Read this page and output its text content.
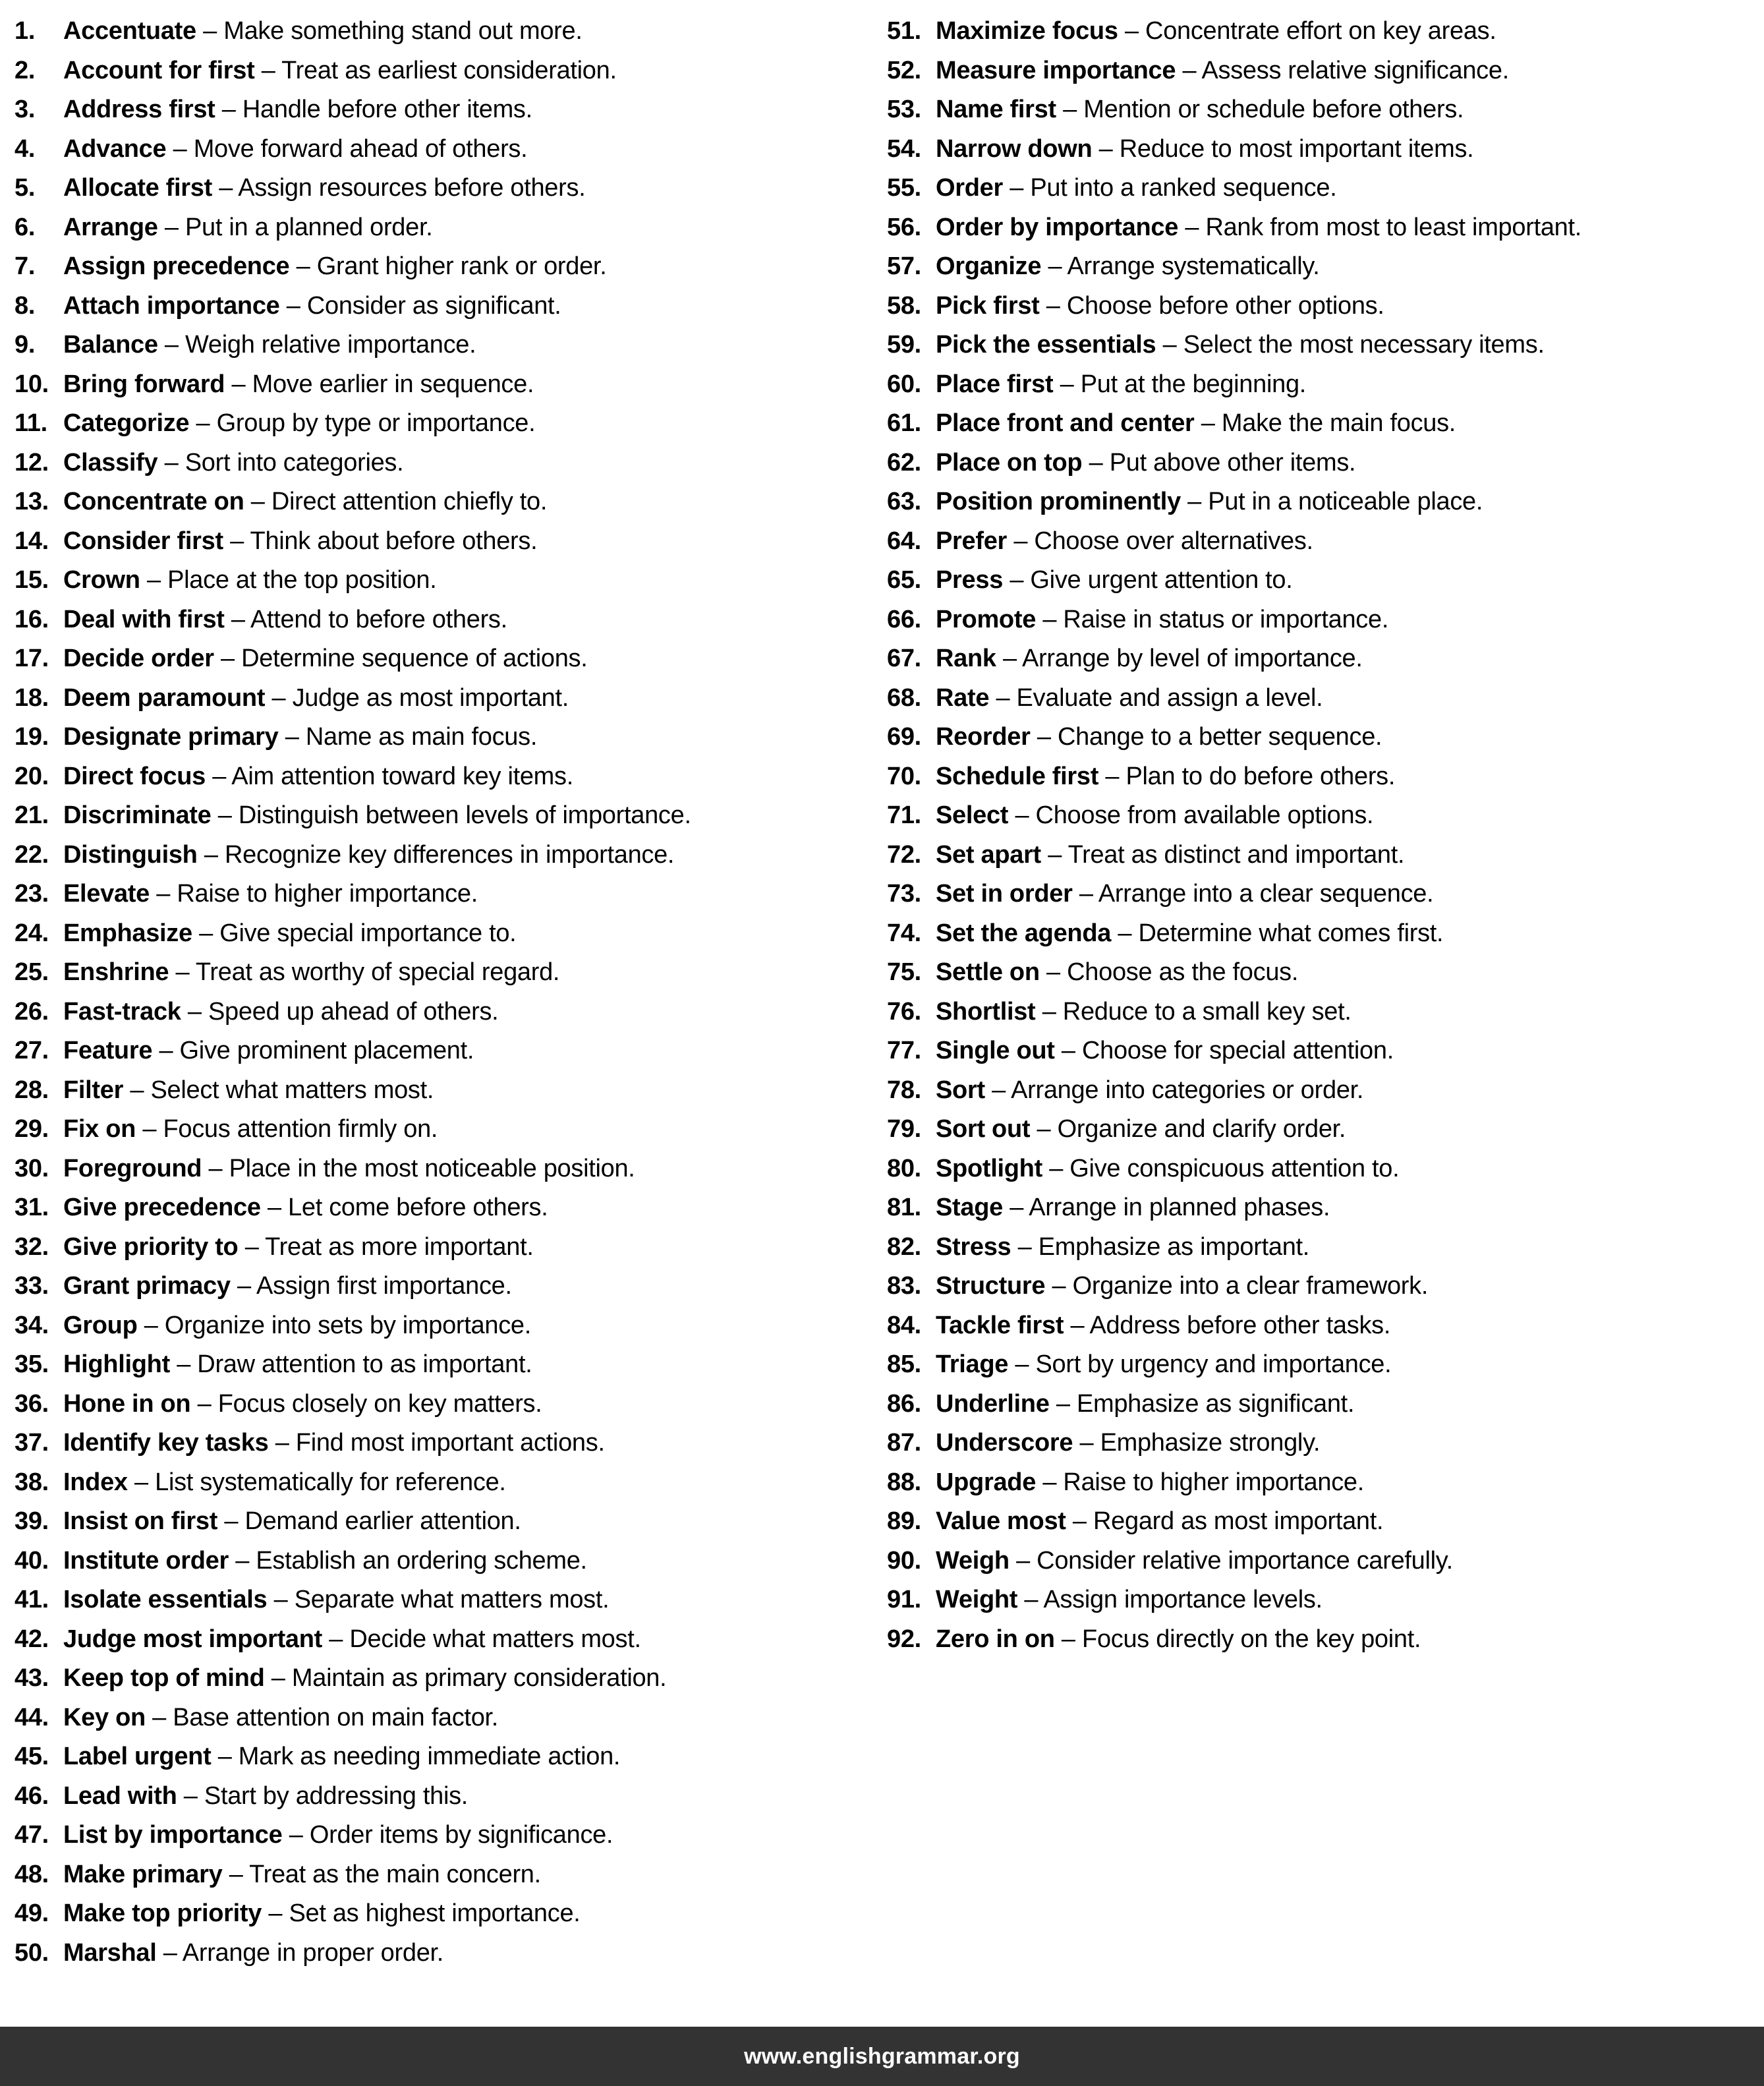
1.	Accentuate – Make something stand out more.
2.	Account for first – Treat as earliest consideration.
3.	Address first – Handle before other items.
4.	Advance – Move forward ahead of others.
5.	Allocate first – Assign resources before others.
6.	Arrange – Put in a planned order.
7.	Assign precedence – Grant higher rank or order.
8.	Attach importance – Consider as significant.
9.	Balance – Weigh relative importance.
10. Bring forward – Move earlier in sequence.
11. Categorize – Group by type or importance.
12. Classify – Sort into categories.
13. Concentrate on – Direct attention chiefly to.
14. Consider first – Think about before others.
15. Crown – Place at the top position.
16. Deal with first – Attend to before others.
17. Decide order – Determine sequence of actions.
18. Deem paramount – Judge as most important.
19. Designate primary – Name as main focus.
20. Direct focus – Aim attention toward key items.
21. Discriminate – Distinguish between levels of importance.
22. Distinguish – Recognize key differences in importance.
23. Elevate – Raise to higher importance.
24. Emphasize – Give special importance to.
25. Enshrine – Treat as worthy of special regard.
26. Fast-track – Speed up ahead of others.
27. Feature – Give prominent placement.
28. Filter – Select what matters most.
29. Fix on – Focus attention firmly on.
30. Foreground – Place in the most noticeable position.
31. Give precedence – Let come before others.
32. Give priority to – Treat as more important.
33. Grant primacy – Assign first importance.
34. Group – Organize into sets by importance.
35. Highlight – Draw attention to as important.
36. Hone in on – Focus closely on key matters.
37. Identify key tasks – Find most important actions.
38. Index – List systematically for reference.
39. Insist on first – Demand earlier attention.
40. Institute order – Establish an ordering scheme.
41. Isolate essentials – Separate what matters most.
42. Judge most important – Decide what matters most.
43. Keep top of mind – Maintain as primary consideration.
44. Key on – Base attention on main factor.
45. Label urgent – Mark as needing immediate action.
46. Lead with – Start by addressing this.
47. List by importance – Order items by significance.
48. Make primary – Treat as the main concern.
49. Make top priority – Set as highest importance.
50. Marshal – Arrange in proper order.
51. Maximize focus – Concentrate effort on key areas.
52. Measure importance – Assess relative significance.
53. Name first – Mention or schedule before others.
54. Narrow down – Reduce to most important items.
55. Order – Put into a ranked sequence.
56. Order by importance – Rank from most to least important.
57. Organize – Arrange systematically.
58. Pick first – Choose before other options.
59. Pick the essentials – Select the most necessary items.
60. Place first – Put at the beginning.
61. Place front and center – Make the main focus.
62. Place on top – Put above other items.
63. Position prominently – Put in a noticeable place.
64. Prefer – Choose over alternatives.
65. Press – Give urgent attention to.
66. Promote – Raise in status or importance.
67. Rank – Arrange by level of importance.
68. Rate – Evaluate and assign a level.
69. Reorder – Change to a better sequence.
70. Schedule first – Plan to do before others.
71. Select – Choose from available options.
72. Set apart – Treat as distinct and important.
73. Set in order – Arrange into a clear sequence.
74. Set the agenda – Determine what comes first.
75. Settle on – Choose as the focus.
76. Shortlist – Reduce to a small key set.
77. Single out – Choose for special attention.
78. Sort – Arrange into categories or order.
79. Sort out – Organize and clarify order.
80. Spotlight – Give conspicuous attention to.
81. Stage – Arrange in planned phases.
82. Stress – Emphasize as important.
83. Structure – Organize into a clear framework.
84. Tackle first – Address before other tasks.
85. Triage – Sort by urgency and importance.
86. Underline – Emphasize as significant.
87. Underscore – Emphasize strongly.
88. Upgrade – Raise to higher importance.
89. Value most – Regard as most important.
90. Weigh – Consider relative importance carefully.
91. Weight – Assign importance levels.
92. Zero in on – Focus directly on the key point.
www.englishgrammar.org
